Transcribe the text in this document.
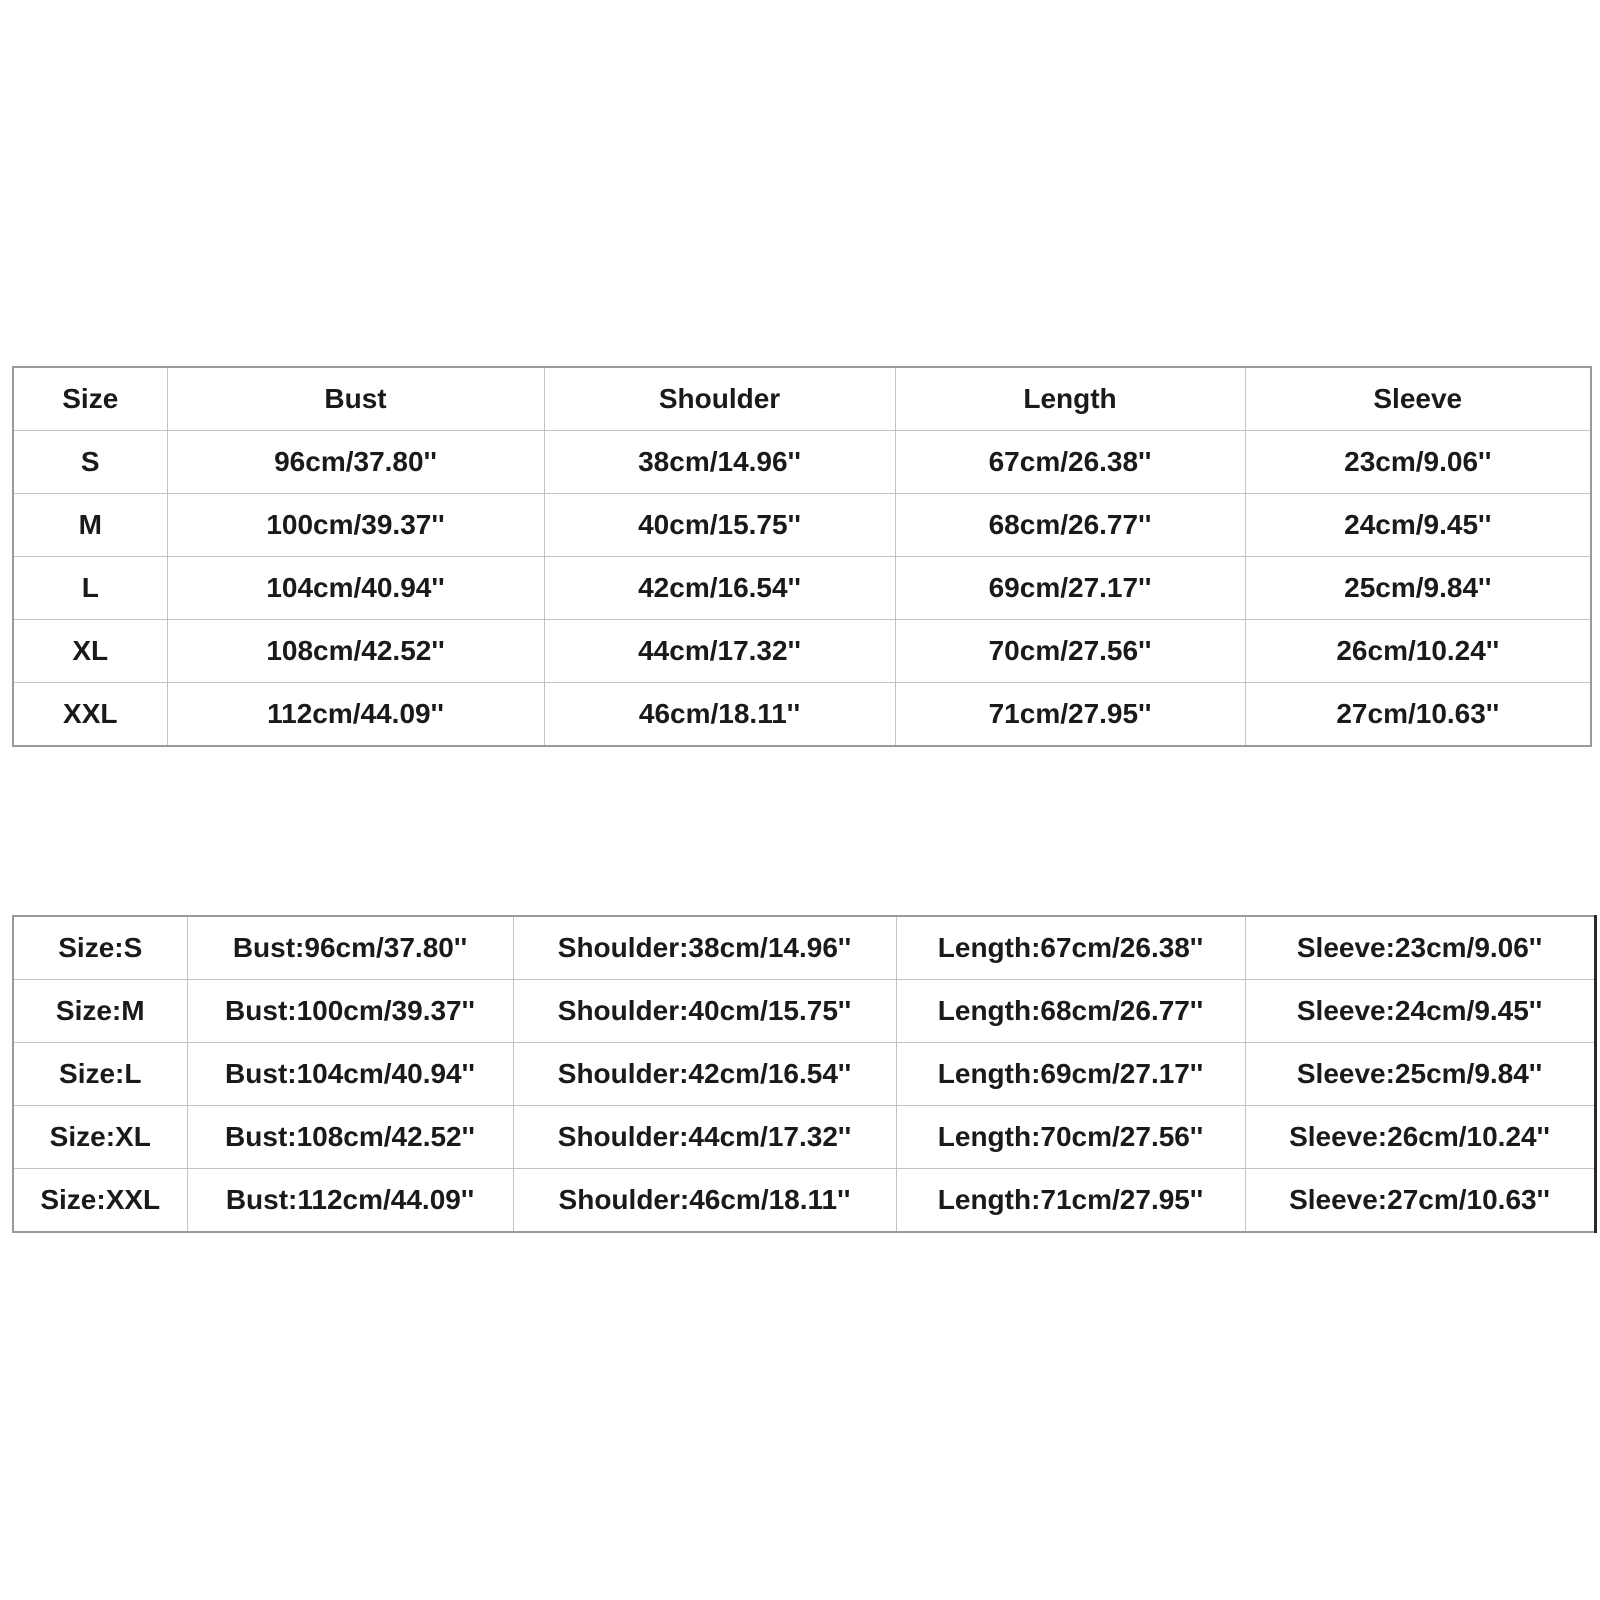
Size	Bust	Shoulder	Length	Sleeve
S	96cm/37.80''	38cm/14.96''	67cm/26.38''	23cm/9.06''
M	100cm/39.37''	40cm/15.75''	68cm/26.77''	24cm/9.45''
L	104cm/40.94''	42cm/16.54''	69cm/27.17''	25cm/9.84''
XL	108cm/42.52''	44cm/17.32''	70cm/27.56''	26cm/10.24''
XXL	112cm/44.09''	46cm/18.11''	71cm/27.95''	27cm/10.63''
Size:S	Bust:96cm/37.80''	Shoulder:38cm/14.96''	Length:67cm/26.38''	Sleeve:23cm/9.06''
Size:M	Bust:100cm/39.37''	Shoulder:40cm/15.75''	Length:68cm/26.77''	Sleeve:24cm/9.45''
Size:L	Bust:104cm/40.94''	Shoulder:42cm/16.54''	Length:69cm/27.17''	Sleeve:25cm/9.84''
Size:XL	Bust:108cm/42.52''	Shoulder:44cm/17.32''	Length:70cm/27.56''	Sleeve:26cm/10.24''
Size:XXL	Bust:112cm/44.09''	Shoulder:46cm/18.11''	Length:71cm/27.95''	Sleeve:27cm/10.63''
